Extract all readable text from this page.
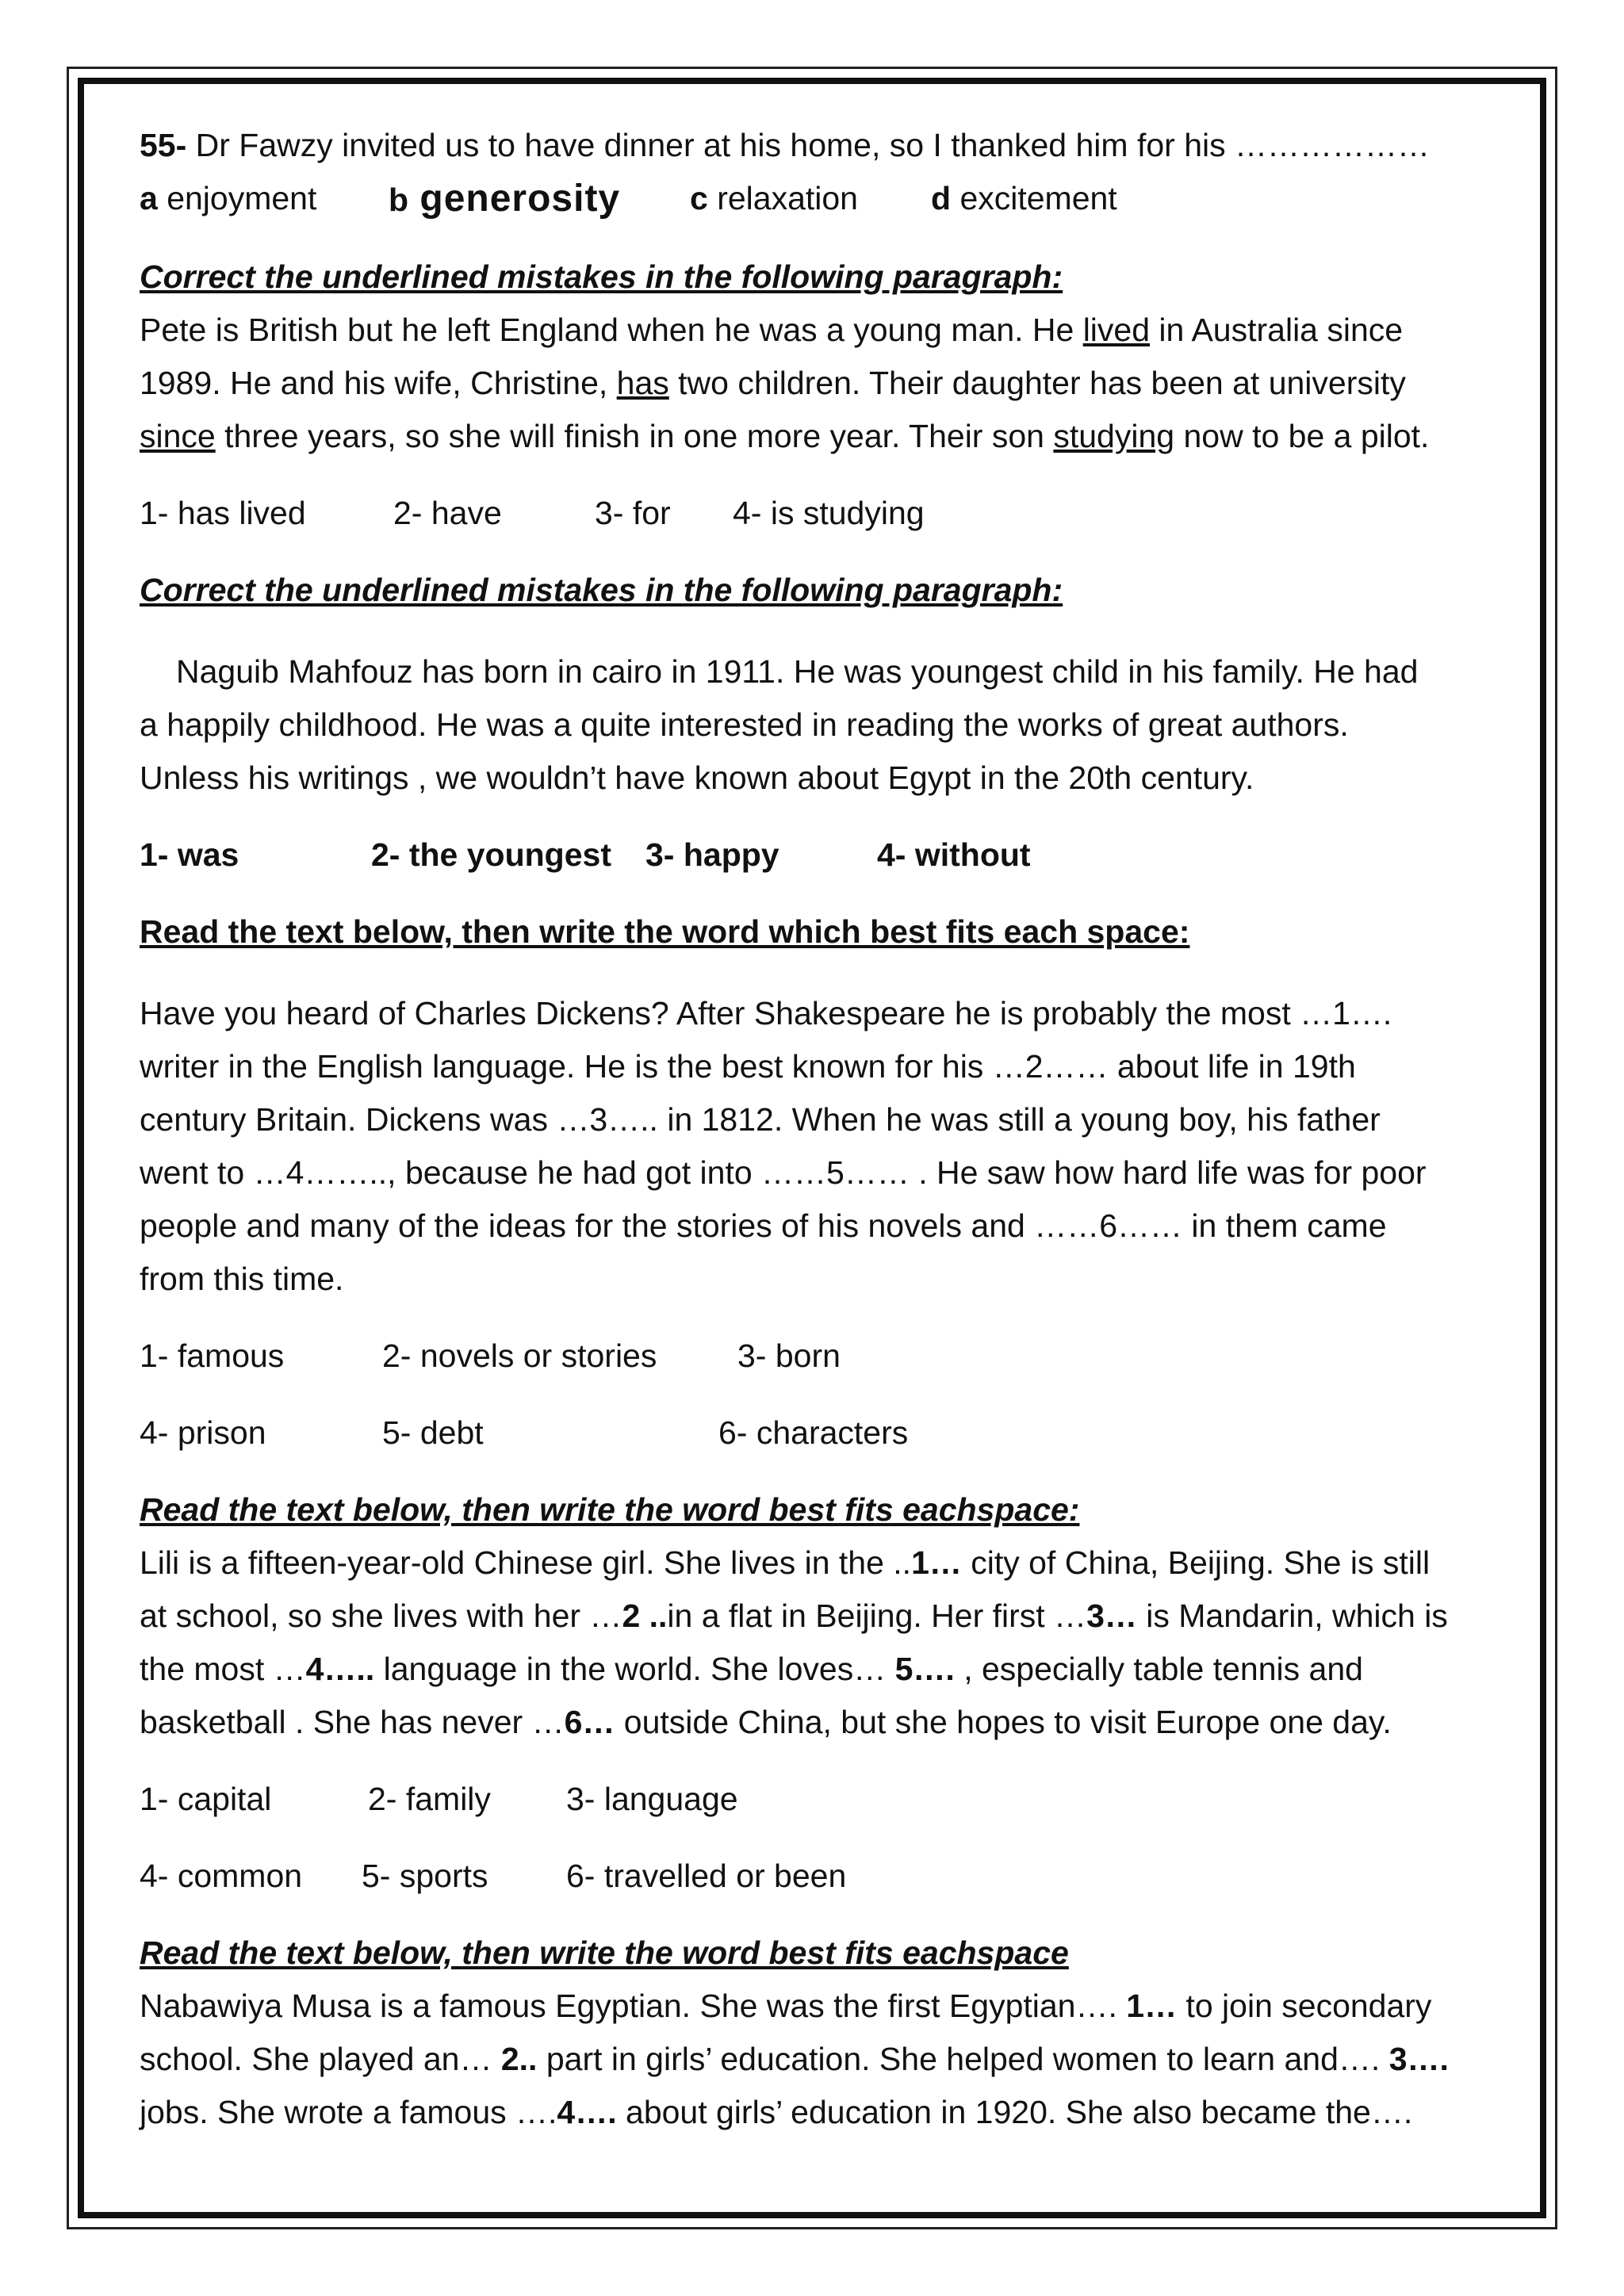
55- Dr Fawzy invited us to have dinner at his home, so I thanked him for his ………………

a enjoyment	b generosity	c relaxation	d excitement

Correct the underlined mistakes in the following paragraph:

Pete is British but he left England when he was a young man. He lived in Australia since

1989. He and his wife, Christine, has two children. Their daughter has been at university

since three years, so she will finish in one more year. Their son studying now to be a pilot.

1- has lived	2- have	3- for	4- is studying

Correct the underlined mistakes in the following paragraph:

Naguib Mahfouz has born in cairo in 1911. He was youngest child in his family. He had

a happily childhood. He was a quite interested in reading the works of great authors.

Unless his writings , we wouldn’t have known about Egypt in the 20th century.

1- was	2- the youngest	3- happy	4- without

Read the text below, then write the word which best fits each space:

Have you heard of Charles Dickens? After Shakespeare he is probably the most …1….

writer in the English language. He is the best known for his …2…… about life in 19th

century Britain. Dickens was …3….. in 1812. When he was still a young boy, his father

went to …4…….., because he had got into ……5…… . He saw how hard life was for poor

people and many of the ideas for the stories of his novels and ……6…… in them came

from this time.

1- famous	2- novels or stories	3- born
4- prison	5- debt	6- characters

Read the text below, then write the word best fits eachspace:

Lili is a fifteen-year-old Chinese girl. She lives in the ..1… city of China, Beijing. She is still

at school, so she lives with her …2 ..in a flat in Beijing. Her first …3… is Mandarin, which is

the most …4….. language in the world. She loves… 5…. , especially table tennis and

basketball . She has never …6… outside China, but she hopes to visit Europe one day.

1- capital	2- family	3- language
4- common	5- sports	6- travelled or been

Read the text below, then write the word best fits eachspace

Nabawiya Musa is a famous Egyptian. She was the first Egyptian…. 1… to join secondary

school. She played an… 2.. part in girls’ education. She helped women to learn and…. 3….

jobs. She wrote a famous ….4…. about girls’ education in 1920. She also became the….
